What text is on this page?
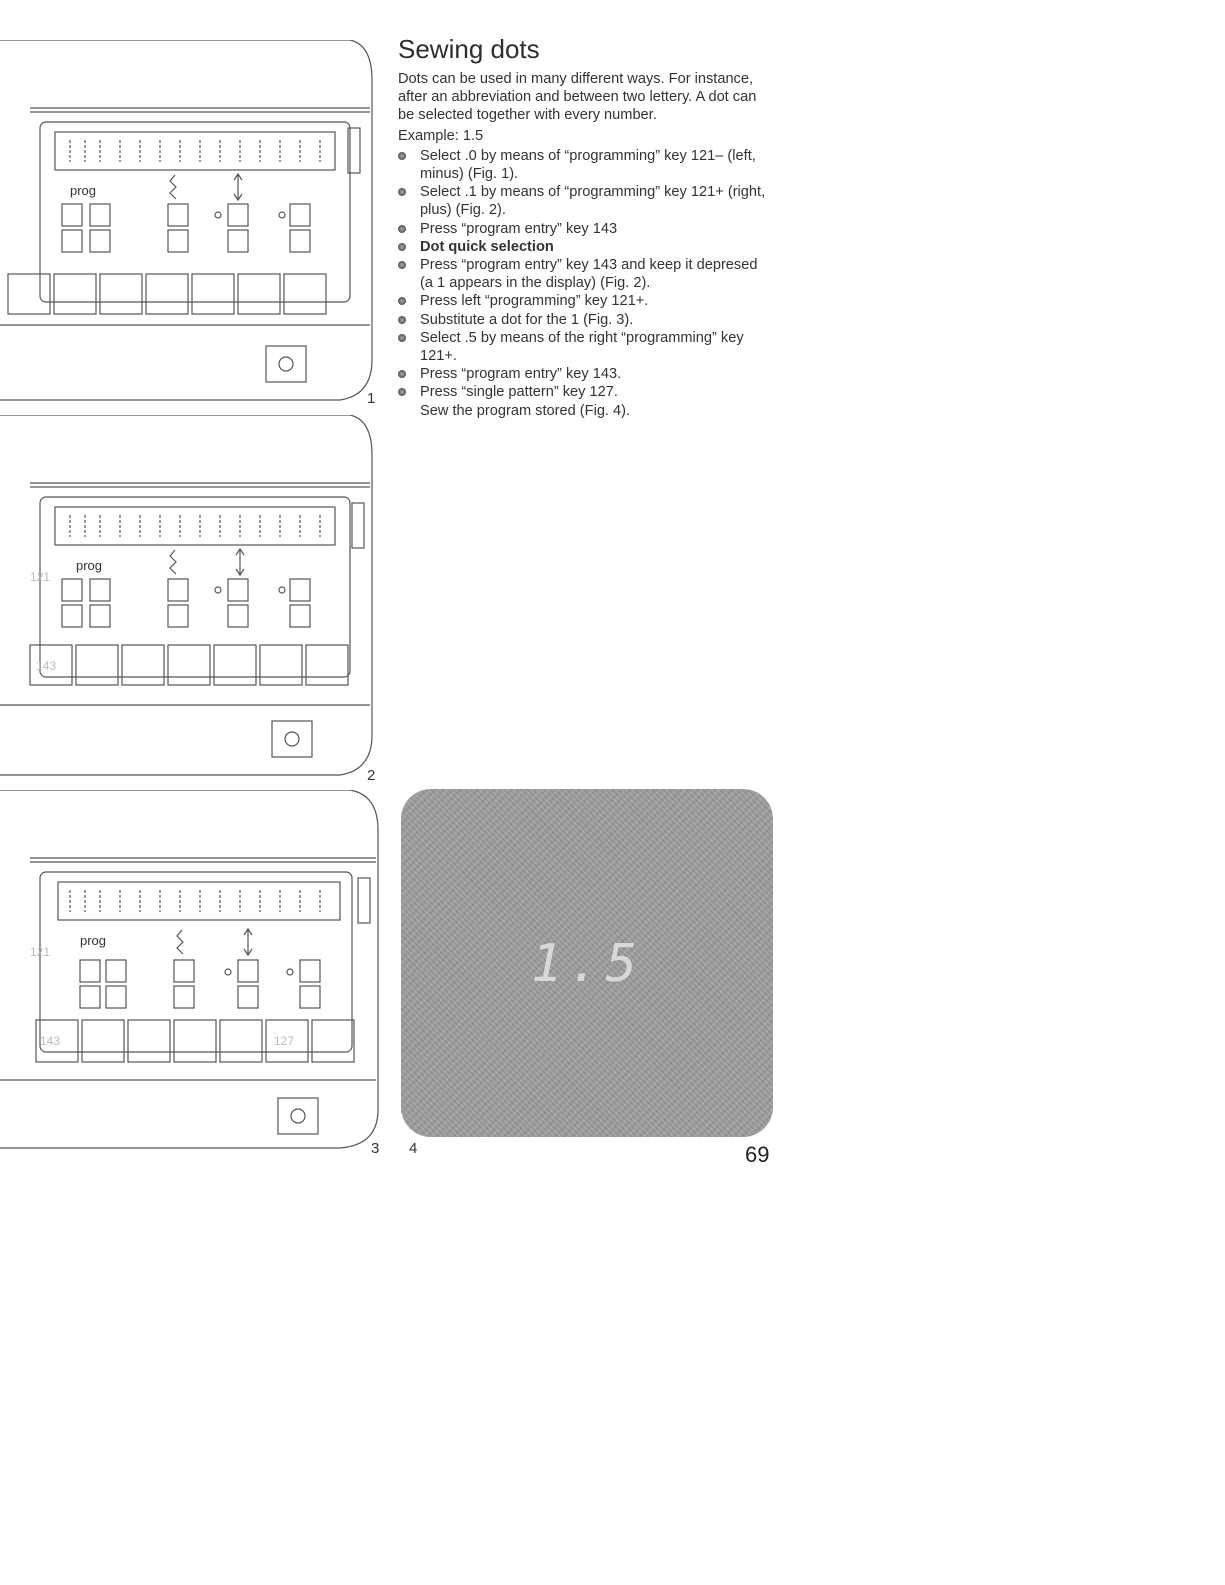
prog
1
prog
143
121
2
prog
143	127
121
3
Sewing dots

Dots can be used in many different ways. For instance, after an abbreviation and between two lettery. A dot can be selected together with every number.

Example: 1.5

Select .0 by means of “programming” key 121– (left, minus) (Fig. 1).
Select .1 by means of “programming” key 121+ (right, plus) (Fig. 2).
Press “program entry” key 143
Dot quick selection
Press “program entry” key 143 and keep it depresed (a 1 appears in the display) (Fig. 2).
Press left “programming” key 121+.
Substitute a dot for the 1 (Fig. 3).
Select .5 by means of the right “programming” key 121+.
Press “program entry” key 143.
Press “single pattern” key 127.

Sew the program stored (Fig. 4).

1.5
4	69
